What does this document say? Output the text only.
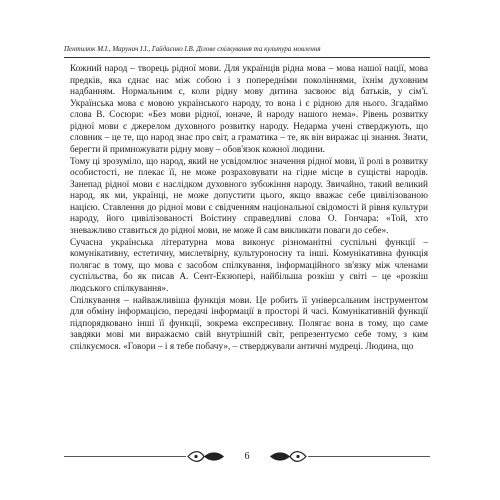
Пентилюк М.І., Марунич І.І., Гайдаєнко І.В. Ділове спілкування та культура мовлення

Кожний народ – творець рідної мови. Для українців рідна мова – мова нашої нації, мова предків, яка єднає нас між собою і з попередніми поколіннями, їхнім духовним надбанням. Нормальним є, коли рідну мову дитина засвоює від батьків, у сім'ї. Українська мова є мовою українського народу, то вона і є рідною для нього. Згадаймо слова В. Сосюри: «Без мови рідної, юначе, й народу нашого нема». Рівень розвитку рідної мови є джерелом духовного розвитку народу. Недарма учені стверджують, що словник – це те, що народ знає про світ, а граматика – те, як він виражає ці знання. Знати, берегти й примножувати рідну мову – обов'язок кожної людини.

Тому ці зрозуміло, що народ, який не усвідомлює значення рідної мови, її ролі в розвитку особистості, не плекає її, не може розраховувати на гідне місце в сущістві народів. Занепад рідної мови є наслідком духовного зубожіння народу. Звичайно, такий великий народ, як ми, українці, не може допустити цього, якщо вважає себе цивілізованою нацією. Ставлення до рідної мови є свідченням національної свідомості й рівня культури народу, його цивілізованості Воістину справедливі слова О. Гончара: «Той, хто зневажливо ставиться до рідної мови, не може й сам викликати поваги до себе».

Сучасна українська літературна мова виконує різноманітні суспільні функції – комунікативну, естетичну, мислетвірну, культуроносну та інші. Комунікативна функція полягає в тому, що мова є засобом спілкування, інформаційного зв'язку між членами суспільства, бо як писав А. Сент-Екзюпері, найбільша розкіш у світі – це «розкіш людського спілкування».

Спілкування – найважливіша функція мови. Це робить її універсальним інструментом для обміну інформацією, передачі інформації в просторі й часі. Комунікативній функції підпорядковано інші її функції, зокрема експресивну. Полягає вона в тому, що саме завдяки мові ми виражаємо свій внутрішній світ, репрезентуємо себе тому, з ким спілкуємося. «Говори – і я тебе побачу», – стверджували античні мудреці. Людина, що

6
